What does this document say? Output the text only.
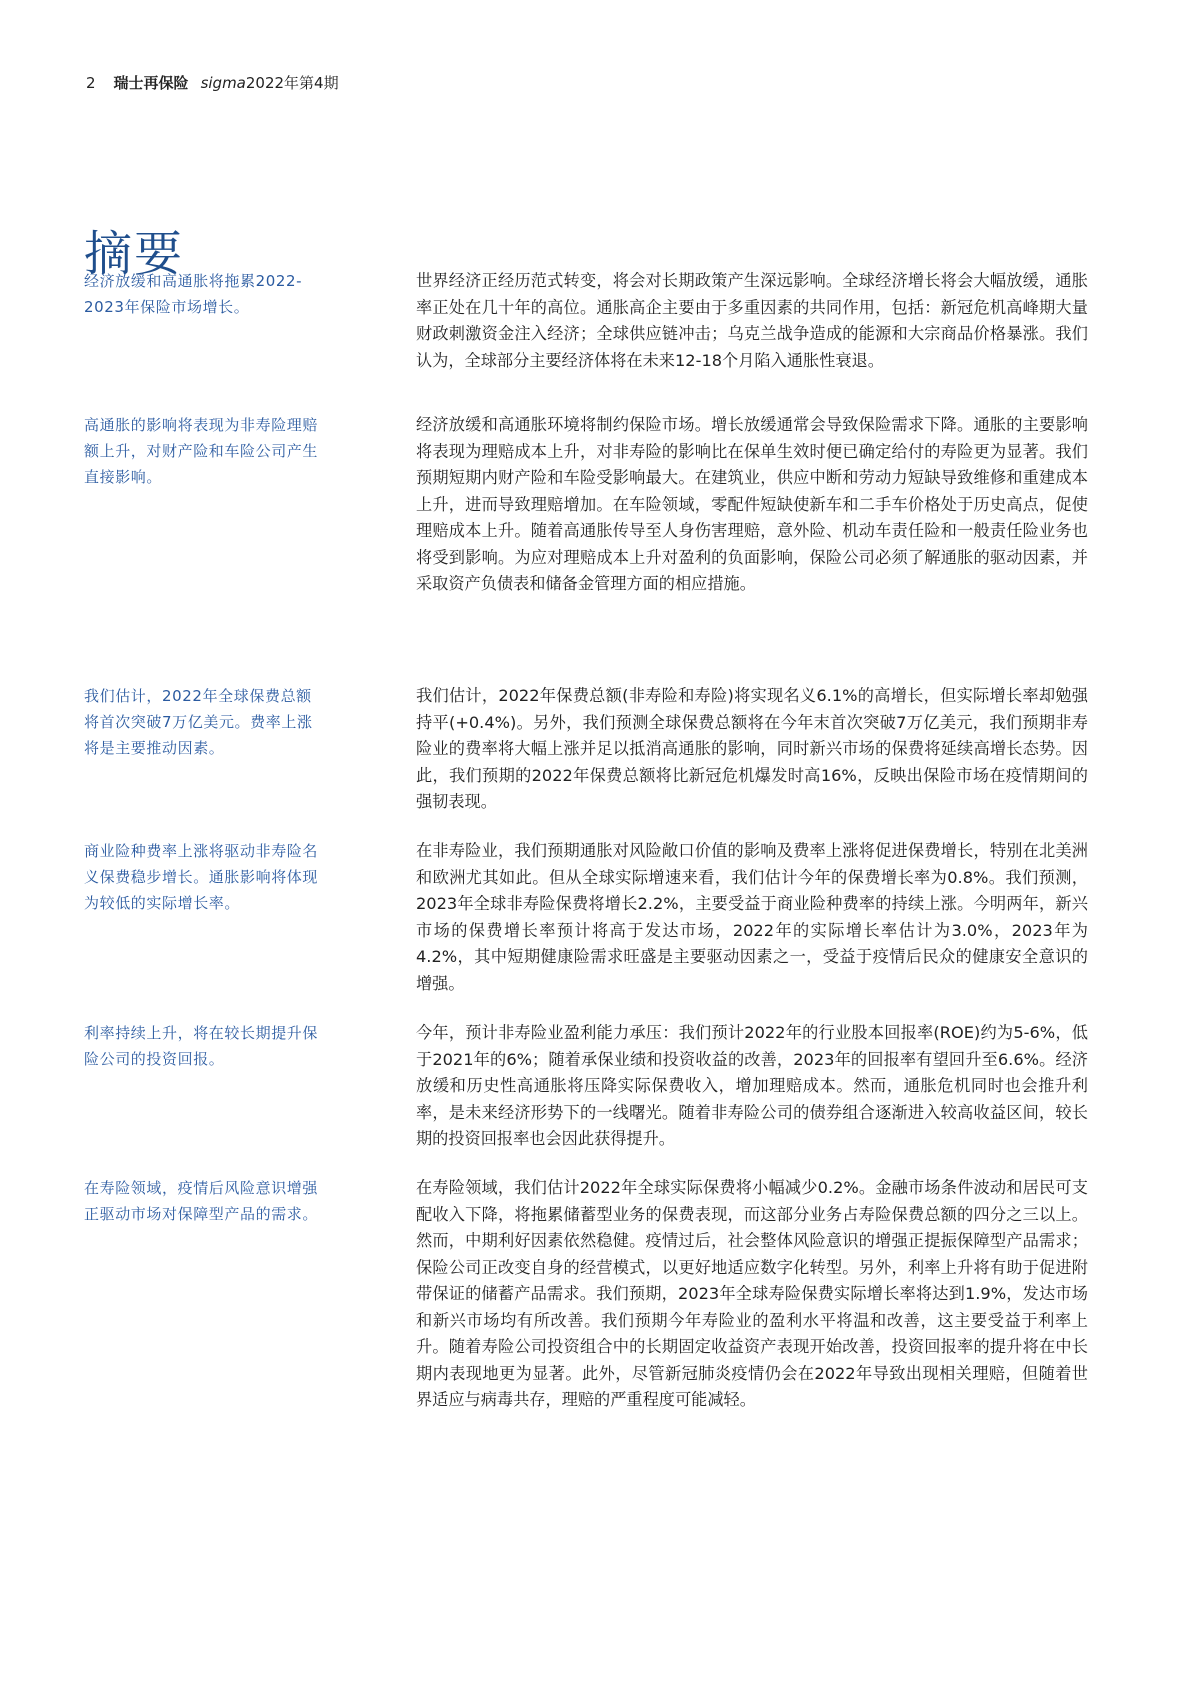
2 瑞士再保险 sigma2022年第4期
摘要
经济放缓和高通胀将拖累2022-2023年保险市场增长。
世界经济正经历范式转变，将会对长期政策产生深远影响。全球经济增长将会大幅放缓，通胀率正处在几十年的高位。通胀高企主要由于多重因素的共同作用，包括：新冠危机高峰期大量财政刺激资金注入经济；全球供应链冲击；乌克兰战争造成的能源和大宗商品价格暴涨。我们认为，全球部分主要经济体将在未来12-18个月陷入通胀性衰退。
高通胀的影响将表现为非寿险理赔额上升，对财产险和车险公司产生直接影响。
经济放缓和高通胀环境将制约保险市场。增长放缓通常会导致保险需求下降。通胀的主要影响将表现为理赔成本上升，对非寿险的影响比在保单生效时便已确定给付的寿险更为显著。我们预期短期内财产险和车险受影响最大。在建筑业，供应中断和劳动力短缺导致维修和重建成本上升，进而导致理赔增加。在车险领域，零配件短缺使新车和二手车价格处于历史高点，促使理赔成本上升。随着高通胀传导至人身伤害理赔，意外险、机动车责任险和一般责任险业务也将受到影响。为应对理赔成本上升对盈利的负面影响，保险公司必须了解通胀的驱动因素，并采取资产负债表和储备金管理方面的相应措施。
我们估计，2022年全球保费总额将首次突破7万亿美元。费率上涨将是主要推动因素。
我们估计，2022年保费总额(非寿险和寿险)将实现名义6.1%的高增长，但实际增长率却勉强持平(+0.4%)。另外，我们预测全球保费总额将在今年末首次突破7万亿美元，我们预期非寿险业的费率将大幅上涨并足以抵消高通胀的影响，同时新兴市场的保费将延续高增长态势。因此，我们预期的2022年保费总额将比新冠危机爆发时高16%，反映出保险市场在疫情期间的强韧表现。
商业险种费率上涨将驱动非寿险名义保费稳步增长。通胀影响将体现为较低的实际增长率。
在非寿险业，我们预期通胀对风险敞口价值的影响及费率上涨将促进保费增长，特别在北美洲和欧洲尤其如此。但从全球实际增速来看，我们估计今年的保费增长率为0.8%。我们预测，2023年全球非寿险保费将增长2.2%，主要受益于商业险种费率的持续上涨。今明两年，新兴市场的保费增长率预计将高于发达市场，2022年的实际增长率估计为3.0%，2023年为4.2%，其中短期健康险需求旺盛是主要驱动因素之一，受益于疫情后民众的健康安全意识的增强。
利率持续上升，将在较长期提升保险公司的投资回报。
今年，预计非寿险业盈利能力承压：我们预计2022年的行业股本回报率(ROE)约为5-6%，低于2021年的6%；随着承保业绩和投资收益的改善，2023年的回报率有望回升至6.6%。经济放缓和历史性高通胀将压降实际保费收入，增加理赔成本。然而，通胀危机同时也会推升利率，是未来经济形势下的一线曙光。随着非寿险公司的债券组合逐渐进入较高收益区间，较长期的投资回报率也会因此获得提升。
在寿险领域，疫情后风险意识增强正驱动市场对保障型产品的需求。
在寿险领域，我们估计2022年全球实际保费将小幅减少0.2%。金融市场条件波动和居民可支配收入下降，将拖累储蓄型业务的保费表现，而这部分业务占寿险保费总额的四分之三以上。然而，中期利好因素依然稳健。疫情过后，社会整体风险意识的增强正提振保障型产品需求；保险公司正改变自身的经营模式，以更好地适应数字化转型。另外，利率上升将有助于促进附带保证的储蓄产品需求。我们预期，2023年全球寿险保费实际增长率将达到1.9%，发达市场和新兴市场均有所改善。我们预期今年寿险业的盈利水平将温和改善，这主要受益于利率上升。随着寿险公司投资组合中的长期固定收益资产表现开始改善，投资回报率的提升将在中长期内表现地更为显著。此外，尽管新冠肺炎疫情仍会在2022年导致出现相关理赔，但随着世界适应与病毒共存，理赔的严重程度可能减轻。
